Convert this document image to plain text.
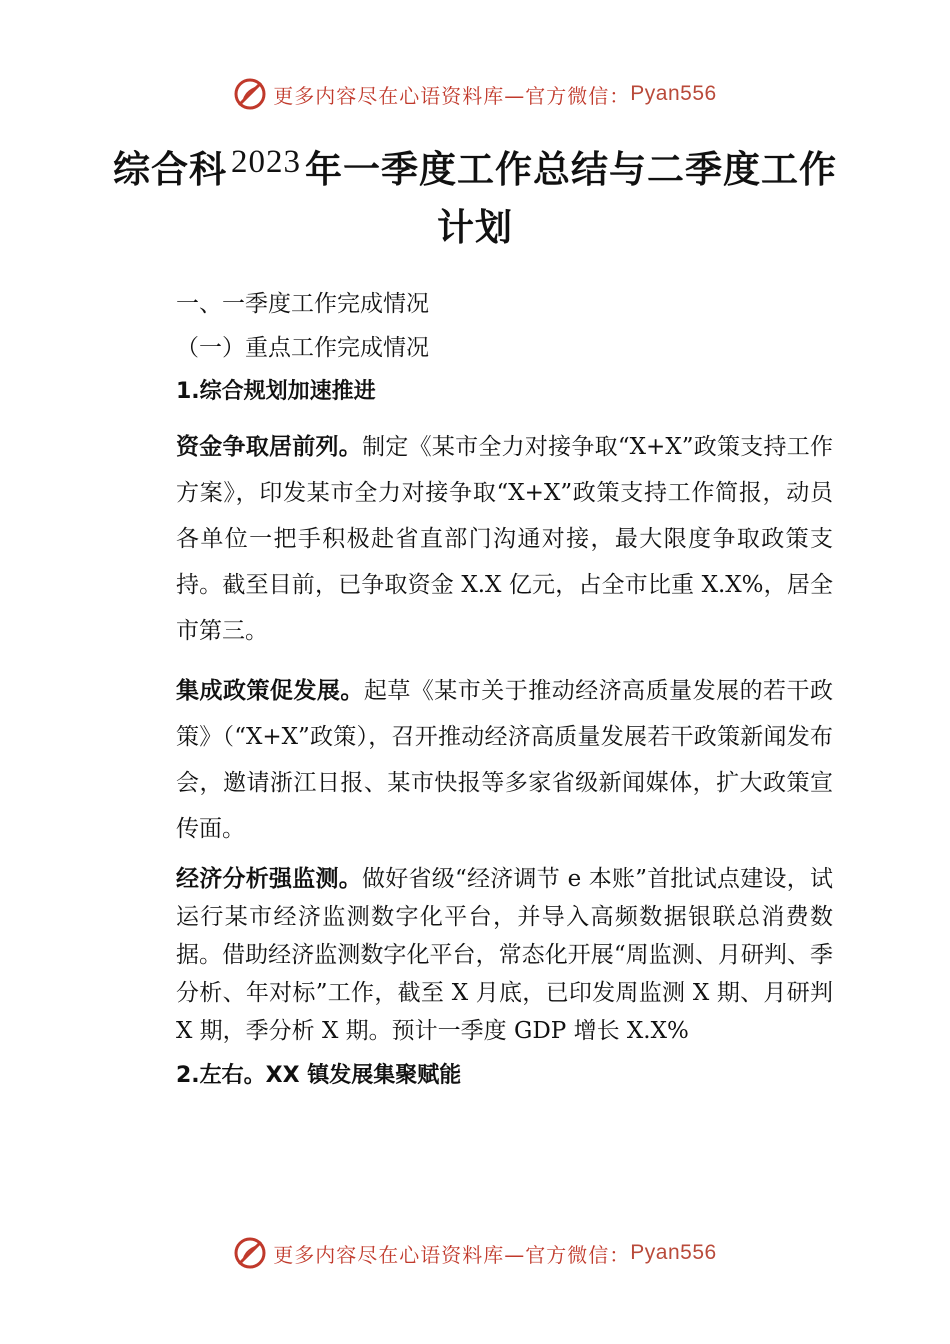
更多内容尽在心语资料库—官方微信： Pyan556
综合科 2023 年一季度工作总结与二季度工作计划

一、一季度工作完成情况

（一）重点工作完成情况

1.综合规划加速推进

资金争取居前列。制定《某市全力对接争取“X+X”政策支持工作方案》，印发某市全力对接争取“X+X”政策支持工作简报，动员各单位一把手积极赴省直部门沟通对接，最大限度争取政策支持。截至目前，已争取资金 X.X 亿元，占全市比重 X.X%，居全市第三。

集成政策促发展。起草《某市关于推动经济高质量发展的若干政策》（“X+X”政策），召开推动经济高质量发展若干政策新闻发布会，邀请浙江日报、某市快报等多家省级新闻媒体，扩大政策宣传面。

经济分析强监测。做好省级“经济调节 e 本账”首批试点建设，试运行某市经济监测数字化平台，并导入高频数据银联总消费数据。借助经济监测数字化平台，常态化开展“周监测、月研判、季分析、年对标”工作，截至 X 月底，已印发周监测 X 期、月研判 X 期，季分析 X 期。预计一季度 GDP 增长 X.X%

2.左右。XX 镇发展集聚赋能

更多内容尽在心语资料库—官方微信： Pyan556
